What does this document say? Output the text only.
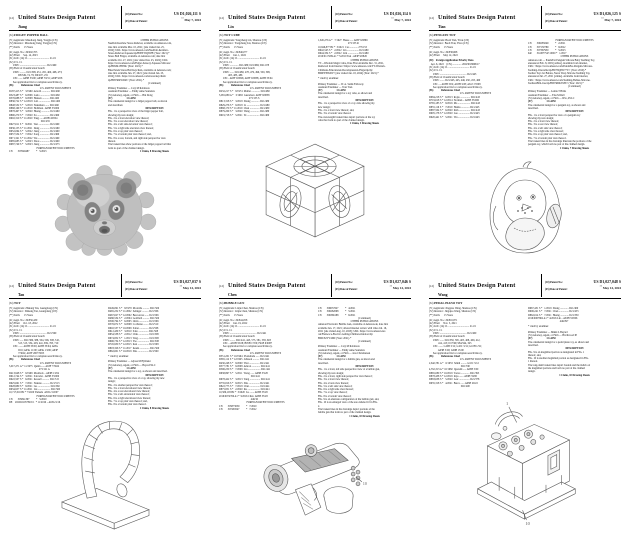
(12) United States Design Patent
Jiang
(10) Patent No.:	US D1,026,111 S
(45) Date of Patent:
** May 7, 2024
(54) FIDGET POPPER BALL
(71) Applicant: Miaohong Jiang, Yongjia (CN)
(72) Inventor:  Miaohong Jiang, Yongjia (CN)
(**) Term:      15 Years

(21) Appl. No.: 29/902,705
(22) Filed:     Sep. 14, 2023
(51) LOC (14) Cl. ................................ 21-01
(52) U.S. Cl.
USPC ......................................... D21/460
(58) Field of Classification Search
USPC ......... D21/308, 451, 455, 460, 468, 473;
D8/349, 74, 79; D9/207, 231
CPC ...... A63H 33/00; A63H 33/31; A63F 9/08
See application file for complete search history.
(56)            References Cited
U.S. PATENT DOCUMENTS
D187,415 S *   3/1960  Arnold ............. D21/460
D523,487 S *   6/2006  Laslo ............... D21/460
D576,688 S *   9/2008  Hansen ........... D21/460
D836,722 S * 12/2018  Loh .................. D21/460
D848,532 S *   5/2019  Nakamura ...... D21/460
D868,169 S * 11/2019  Hoffman . A63H 33/006
D878,497 S *   3/2020  Huang ............. D21/460
D890,270 S *   7/2020  Su ................... D21/460
D902,310 S * 11/2020  Yang ..... A63B 43/004
D21/455
D927,611 S *   8/2021  Tsai ................. D21/460
D936,155 S * 11/2021  Deng ............... D21/460
D952,064 S *   5/2022  Jiang ............... D21/460
D957,534 S *   7/2022  Song ............... D21/460
D971,341 S * 11/2022  Wu .................. D21/460
D985,683 S *   5/2023  Zhou ............... D21/460
D987,749 S *   5/2023  Jiang ............... D21/473
FOREIGN PATENT DOCUMENTS
CN        307649487          *   5/2023
OTHER PUBLICATIONS
NeeDoh Kershaw Stress Reliever, available on Amazon.com,
date first available Mar. 10, 2021; [site visited Jan. 25,
2022]; URL: https://www.amazon.com/NeeDoh-Kershaw-
Stress-Reliever-Squeeze/dp/B08Y3JQ5WB/ (Year: 2021).*
Stress Ball Fidget, available on Amazon.com; date first
available Oct. 27, 2021; [site visited Jan. 25, 2022]; URL:
https://www.amazon.com/Fidget-Sensory-Squeeze-Silicone/
dp/B09JK1HT8K/ (Year: 2021).*
Blue Panda Stress Ball Keychain, available on Amazon.com;
date first available Jun. 27, 2021; [site visited Jan. 25,
2022]; URL: https://www.amazon.com/stores/keychain/
dp/B097RKWD4T/ (Year: 2021).*
(Continued)

Primary Examiner — Cary M Robinson
Assistant Examiner — Emily Anne Saunders
(74) Attorney, Agent, or Firm — Bin Dong
(57)                      CLAIM
The ornamental design for a fidget popper ball, as shown
and described.
DESCRIPTION
FIG. 1 is a perspective view of the fidget popper ball,
showing my new design;
FIG. 2 is a front elevation view thereof;
FIG. 3 is a rear elevation view thereof;
FIG. 4 is a left side elevation view thereof;
FIG. 5 is a right side elevation view thereof;
FIG. 6 is a top plan view thereof;
FIG. 7 is a bottom plan view thereof; and,
FIG. 8 is a rear, bottom, and right side perspective view
thereof.
The broken lines show portions of the fidget popper ball that
form no part of the claimed design.
1 Claim, 8 Drawing Sheets
(12) United States Design Patent
Lin
(10) Patent No.:	US D1,026,114 S
(45) Date of Patent:
** May 7, 2024
(54) TOY CUBE
(71) Applicant: Yongcheng Lin, Shantou (CN)
(72) Inventor:  Yongcheng Lin, Shantou (CN)
(**) Term:      15 Years

(21) Appl. No.: 29/846,077
(22) Filed:     Jun. 1, 2022
(51) LOC (14) Cl. ................................ 21-01
(52) U.S. Cl.
USPC ............. D21/480; D21/669; D21/478
(58) Field of Classification Search
USPC ...... D21/480, 478, 479, 499, 500, 398,
403, 483, 486
CPC . A63F 9/0826; A63F 9/0838; A63H 33/04
See application file for complete search history.
(56)            References Cited
U.S. PATENT DOCUMENTS
D232,217 S *   8/1974  Muller ............. D21/480
3,081,089 A *   3/1963  Gustafson  A63F 9/0838
273/153 S
D813,318 S *   3/2018  Zhang ............. D21/480
D829,276 S *   9/2018  Li .................... D21/480
D868,170 S * 11/2019  Chen ............... D21/480
D879,209 S *   3/2020  Wang .............. D21/480
D919,718 S *   5/2021  Ye ................... D21/480
1,645,276 A *   7/1927  Haase ..... A63F 9/0869
273/153 R
10,946,877 B2 *  3/2021  Cao ............ 273/153
D942,545 S *   2/2022  Lin .................. D21/480
D944,334 S *   2/2022  Lim ................. D21/480
2010/0117299 A1 * 5/2010 Tsai . A63F 9/0826
OTHER PUBLICATIONS
YT—Wisdom Magic Cube, Date First Available Dec. 31, 2021,
Retrieved from Internet <https://www.amazon.com/YT-Wisdom-
Childrens-Educational-Decompression-Fingertip/dp/
B09PYP6SDV> [site visited Jan. 18, 2024] (Year: 2021).*

* cited by examiner

Primary Examiner — W. A. Sadik Falloway
Assistant Examiner — Tran Tran
(57)                      CLAIM
The ornamental design for a toy cube, as shown and
described.
DESCRIPTION
FIG. 1 is a perspective view of a toy cube showing my
new design;
FIG. 2 is a front view thereof; and,
FIG. 3 is a bottom view thereof.
The even-length broken lines depict portions of the toy
cube that form no part of the claimed design.
1 Claim, 3 Drawing Sheets
(12) United States Design Patent
Tian
(10) Patent No.:	US D1,026,125 S
(45) Date of Patent:
** May 7, 2024
(54) PENGUIN TOY
(71) Applicant: Baoli Tian, Yiwu (CN)
(72) Inventor:  Baoli Tian, Yiwu (CN)
(**) Term:      15 Years

(21) Appl. No.: 29/838,668
(22) Filed:     May 12, 2022

(30)    Foreign Application Priority Data
Apr. 6, 2022    (CN) .............. 202230186663.7
(51) LOC (14) Cl. ................................ 21-01
(52) U.S. Cl.
USPC ......................................... D21/443
(58) Field of Classification Search
USPC ....... D21/443, 445, 446, 450, 455, 460
CPC .... A63H 3/02; A63H 3/28; A61J 17/008
See application file for complete search history.
(56)            References Cited
U.S. PATENT DOCUMENTS
D684,218 S *   6/2013  Rojas ............... D21/443
D719,618 S * 12/2014  Norman .. A63H 33/006
D765,185 S *   8/2016  Ma ................... D21/443
D855,116 S *   7/2019  Hanna ............. D21/443
D887,504 S *   6/2020  Kim ................. D21/443
D905,178 S * 12/2020  Luo ................. D21/443
D920,441 S *   5/2021  Wu .................. D21/443
FOREIGN PATENT DOCUMENTS
CN        306285049          *   2/2021
CN        307130789          *   9/2022
CN        307367950          *   5/2023
KR        30-0877547-0000 *   1/2017
OTHER PUBLICATIONS
Amazon.com — PandaEar Penguin Silicone Baby Teething Toy,
announced Feb. 8, 2019 [online]. Available from internet,
URL: <https://www.amazon.com/PandaEar-Penguin-Silicone-
Teething-Chewable/dp/B07NQ6W77T/> (Year: 2019).*
Teether Toys for Babies, Never Drop Silicone Teething Toy,
announced Jul. 27, 2021 [online]. Available from internet,
URL: <https://www.amazon.com/Teething-Babies-Silicone-
Teether-BPA-free/dp/B097R6K5XH/> (Year: 2021).*
(Continued)

Primary Examiner — Lamia T Britts
Assistant Examiner — Elsa M Rall
(74) Attorney, Agent, or Firm — IPro, PLLC
(57)                      CLAIM
The ornamental design for a penguin toy, as shown and
described.
DESCRIPTION
FIG. 1 is a front perspective view of a penguin toy
showing my new design;
FIG. 2 is a front view thereof;
FIG. 3 is a rear view thereof;
FIG. 4 is a left side view thereof;
FIG. 5 is a right side view thereof;
FIG. 6 is a top plan view thereof; and,
FIG. 7 is a bottom plan view thereof.
The broken lines in the drawings illustrate the portions of the
penguin toy, which form no part of the claimed design.
1 Claim, 7 Drawing Sheets
(12) United States Design Patent
Tan
(10) Patent No.:	US D1,027,037 S
(45) Date of Patent:
** May 14, 2024
(54) TOY
(71) Applicant: Zhikang Tan, Guangdong (CN)
(72) Inventor:  Zhikang Tan, Guangdong (CN)
(**) Term:      15 Years

(21) Appl. No.: 29/856,439
(22) Filed:     Oct. 18, 2022
(51) LOC (14) Cl. ................................ 21-01
(52) U.S. Cl.
USPC ......................................... D21/560
(58) Field of Classification Search
USPC ..... D21/386, 388, 504, 506, 508, 510,
513, 515, 534, 403, 441, 659, 763, 719
CPC ....... A63H 33/00; A63H 33/04; A63G
9/16; A63G 11/00; A63G 13/06; A63F
7/3622; A63F 2007/3655
See application file for complete search history.
(56)            References Cited
U.S. PATENT DOCUMENTS
3,917,271 A * 11/1975  Quinn ...... A63F 7/3622
273/121 A
D413,948 S *   9/1999  Maddock .. A63H 13/04
D912,744 S *   3/2021  Salvador . A63H 33/006
D922,507 S *   6/2021  Kessell ........... D21/515
D925,661 S *   7/2021  Nakano ........... D21/513
D928,880 S *   8/2021  Gu ................... D21/560
D934,957 S * 11/2021  Liu ................... D21/560
10,717,016 B2 * 7/2020 Yamada  A63G 31/007
FOREIGN PATENT DOCUMENTS
CN        305841397          *   5/2020
DE    202016105786 U1  * 11/2016 .. A63G 9/16
D249,091 S *   8/1978  McArdle .......... D21/506
D465,252 S * 11/2002  Zelinger .......... D21/506
D467,627 S * 12/2002  Bear Acres ...... D21/506
D486,534 S *   2/2004  Goldfarb .......... D21/506
D506,794 S *   6/2005  Onda ............... D21/506
D576,672 S *   9/2008  Cochrane ........ D21/510
D602,537 S * 10/2009  Salter .............. D21/508
D612,439 S *   3/2010  Sabo ............... D21/508
D654,538 S *   2/2012  Chiu ................ D21/508
D674,852 S *   1/2013  Tang ................ D21/508
D696,734 S * 12/2013  Yao .................. D21/508
D745,930 S * 12/2015  Kan ................. D21/508
D803,326 S * 11/2017  Keum ............... D21/560
D862,601 S * 10/2019  Zhu ................. D21/560

* cited by examiner

Primary Examiner — Alyssa M Hylinski
(74) Attorney, Agent, or Firm — Bayes PLLC
(57)                      CLAIM
The ornamental design for a toy, as shown and described.
DESCRIPTION
FIG. 1 is a perspective view of a toy, showing my new
design;
FIG. 2 is another perspective view thereof;
FIG. 3 is a front elevational view thereof;
FIG. 4 is a rear elevational view thereof;
FIG. 5 is a left elevational view thereof;
FIG. 6 is a right elevational view thereof;
FIG. 7 is a top plan view thereof; and,
FIG. 8 is a bottom plan view thereof.
1 Claim, 8 Drawing Sheets
(12) United States Design Patent
Chen
(10) Patent No.:	US D1,027,046 S
(45) Date of Patent:
** May 14, 2024
(54) BUBBLE GUN
(71) Applicant: Linjie Chen, Shantou (CN)
(72) Inventor:  Linjie Chen, Shantou (CN)
(**) Term:      15 Years

(21) Appl. No.: 29/844,058
(22) Filed:     Jun. 19, 2022
(51) LOC (14) Cl. ................................ 21-01
(52) U.S. Cl.
USPC ......................................... D21/441
(58) Field of Classification Search
USPC ........ D21/441, 443, 575, 581, 583, 603
CPC .. A63H 33/28; B05B 17/00; F41B 9/0087
See application file for complete search history.
(56)            References Cited
U.S. PATENT DOCUMENTS
D351,201 S * 10/1994  D'Andrade ...... D21/441
D365,112 S * 12/1995  Johnson .......... D21/441
D430,248 S *   8/2000  Thai ................ D21/441
D577,781 S *   9/2008  Amron ............. D21/441
D596,250 S *   7/2009  Liu ................... D21/441
D638,897 S *   5/2011  Wong ...... A63H 33/28
D21/441
D678,422 S *   3/2013  Tung ................ D21/441
D735,816 S *   8/2015  Zhu ................. D21/441
D822,775 S *   7/2018  Chui ................ D21/441
D875,851 S *   2/2020  Ku ................... D21/441
10,589,193 B2 *  3/2020  Lu ....... A63H 33/28
2016/0074766 A1 * 3/2016 Chan  A63H 33/28
446/16
FOREIGN PATENT DOCUMENTS
CN        305873059          *   7/2020
CN        307463547          *   7/2022
CN        306057627          *   4/2021
CN        306282098          *   5/2021
CN        306366188          *   6/2021
(Continued)
OTHER PUBLICATIONS
Amazon Electronic Bubble Gun, available on Amazon.de, date first
available Jan. 17, 2021; offered internet review with video Jul. 16,
2021 [site visited Aug. 10, 2023]; URL: https://www.amazon.de/-
/en/Flakwoce-Electric-Gatling-Children-Outdoor/dp/
B09C82VV4D6/ (Year: 2021).*
(Continued)

Primary Examiner — Cary M Robinson
Assistant Examiner — Emily Anne Saunders
(74) Attorney, Agent, or Firm — Jess Christiansen
(57)                      CLAIM
The ornamental design for a bubble gun, as shown and
described.
DESCRIPTION
FIG. 1 is a front, left side perspective view of a bubble gun,
showing my new design;
FIG. 2 is a front, right side perspective view thereof;
FIG. 3 is a front view thereof;
FIG. 4 is a back view thereof;
FIG. 5 is a left side view thereof;
FIG. 6 is a right side view thereof;
FIG. 7 is a top view thereof;
FIG. 8 is a bottom view thereof;
FIG. 9 is an alternate configuration of the bubble gun; and,
FIG. 10 is an enlarged view of the area labeled 10 in FIG.
2.
The broken lines in the drawings depict portions of the
bubble gun that form no part of the claimed design.
1 Claim, 10 Drawing Sheets
10
(12) United States Design Patent
Wang
(10) Patent No.:	US D1,027,048 S
(45) Date of Patent:
** May 14, 2024
(54) PEDAL PIANO TOY
(71) Applicant: Jingqiao Wang, Shantou (CN)
(72) Inventor:  Jingqiao Wang, Shantou (CN)
(**) Term:      15 Years

(21) Appl. No.: 29/816,871
(22) Filed:     Nov. 5, 2021
(51) LOC (14) Cl. ................................ 21-01
(52) U.S. Cl.
USPC ......................................... D21/400
(58) Field of Classification Search
USPC ...... D21/330, 395, 405, 408, 409, 412,
414, 415; D17/99; 984/344, 345
CPC ....... G10B 3/12; G10C 3/12; G10H 1/32;
A63H 5/00; G09B 15/00
See application file for complete search history.
(56)            References Cited
U.S. PATENT DOCUMENTS
2,642,781 A *   6/1953  Smith ......... G10C 3/12
D21/330
4,352,313 A * 10/1982  Igarashi ..... A63H 5/00
D865,080 S * 10/2019  Torres ............. D21/395
D878,438 S * 12/2019  Inpa ....... A63H 33/00
D883,638 S *   5/2020  Lear ................ D21/378
D935,318 S *   4/2021  Barca ...... A63H 29/22
D21/400
D967,431 S *   1/2019  Zhang ............. D21/400
D906,241 S *   7/2021  Chen ............... D21/453
D862,614 S *   7/2021  Huang ............. D21/330
2016/0067862 A1 * 4/2016 Lin .. A63H 33/006
446/297

* cited by examiner

Primary Examiner — Mikki L Bayard
(74) Attorney, Agent, or Firm — Birchwood IP
(57)                      CLAIM
The ornamental design for a pedal piano toy, as shown and
described.
DESCRIPTION
FIG. 9 is an magnified portion as designated in FIG. 1
thereof; and,
FIG. 10 is another magnified portion as designated in FIG.
1 thereof.
The long-dash broken lines depict bounds and the indicia of
the magnified portions and form no part of the claimed
design.
1 Claim, 10 Drawing Sheets
1
10
